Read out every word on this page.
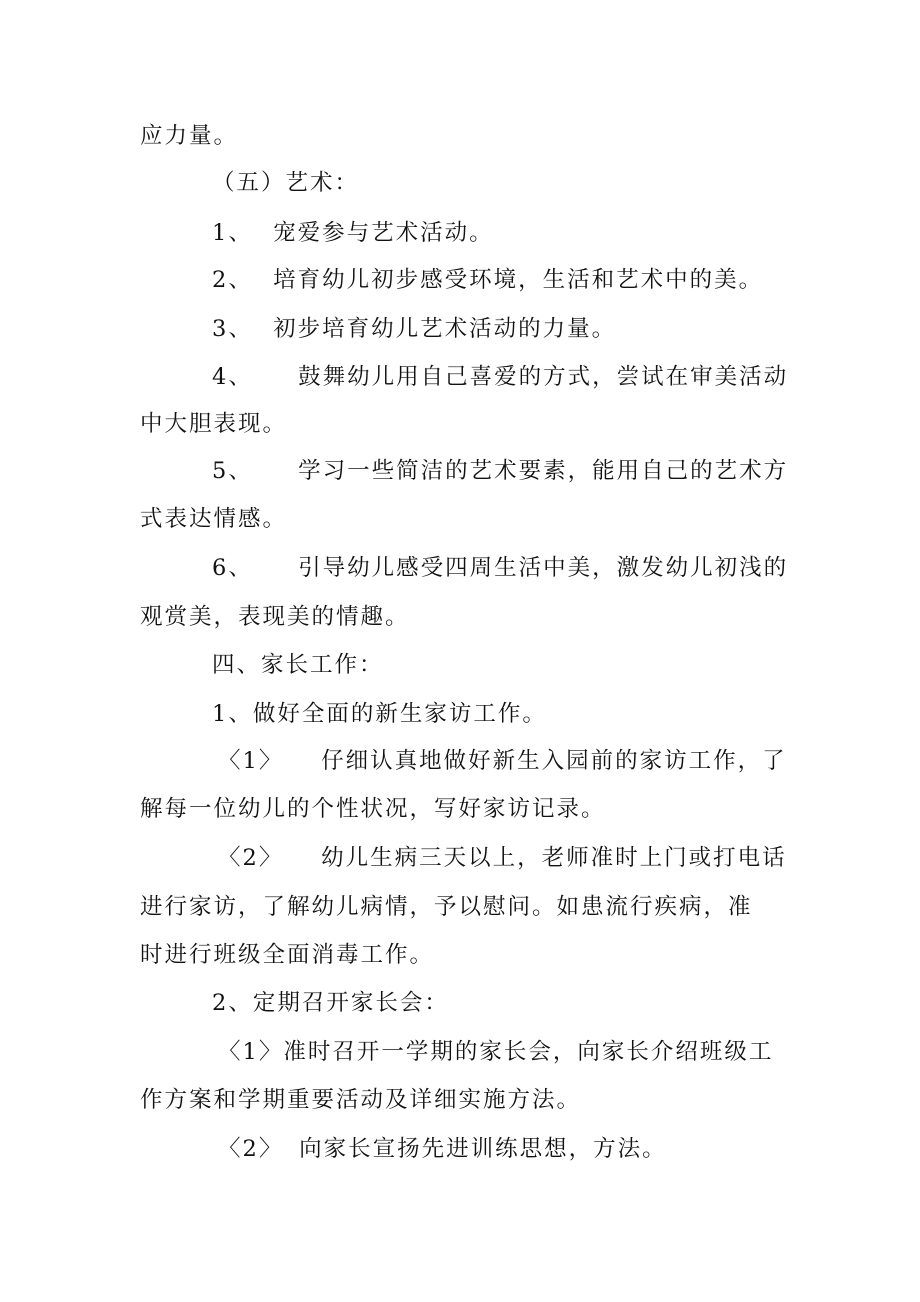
应力量。
（五）艺术：
1、 宠爱参与艺术活动。
2、 培育幼儿初步感受环境，生活和艺术中的美。
3、 初步培育幼儿艺术活动的力量。
4、 鼓舞幼儿用自己喜爱的方式，尝试在审美活动
中大胆表现。
5、 学习一些简洁的艺术要素，能用自己的艺术方
式表达情感。
6、 引导幼儿感受四周生活中美，激发幼儿初浅的
观赏美，表现美的情趣。
四、家长工作：
1、做好全面的新生家访工作。
〈1〉 仔细认真地做好新生入园前的家访工作，了
解每一位幼儿的个性状况，写好家访记录。
〈2〉 幼儿生病三天以上，老师准时上门或打电话
进行家访，了解幼儿病情，予以慰问。如患流行疾病，准
时进行班级全面消毒工作。
2、定期召开家长会：
〈1〉准时召开一学期的家长会，向家长介绍班级工
作方案和学期重要活动及详细实施方法。
〈2〉 向家长宣扬先进训练思想，方法。
